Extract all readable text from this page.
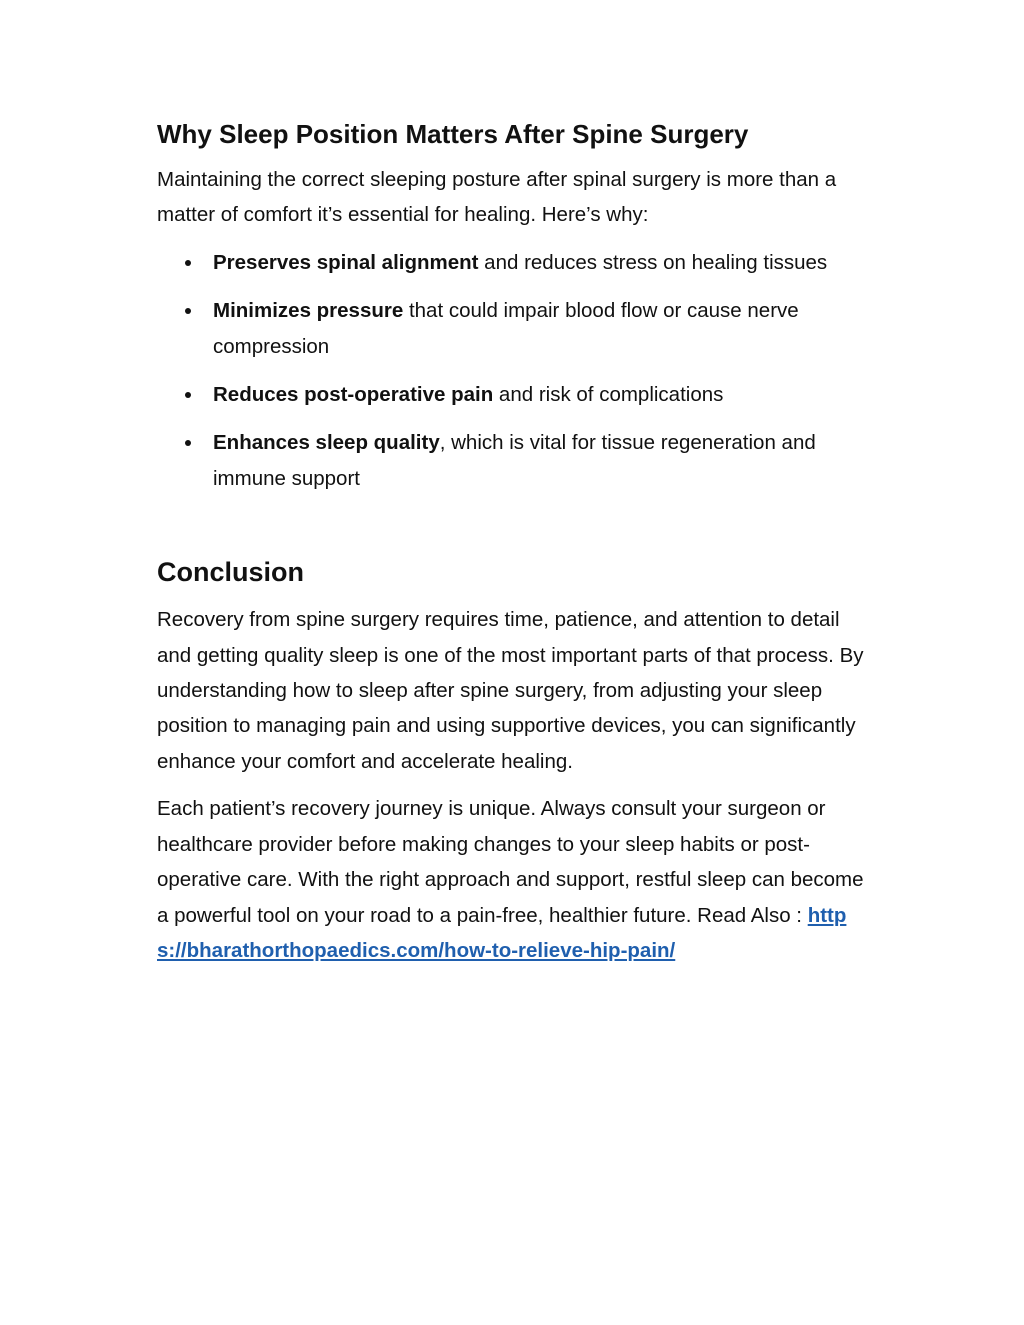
Why Sleep Position Matters After Spine Surgery

Maintaining the correct sleeping posture after spinal surgery is more than a matter of comfort it’s essential for healing. Here’s why:

Preserves spinal alignment and reduces stress on healing tissues
Minimizes pressure that could impair blood flow or cause nerve compression
Reduces post-operative pain and risk of complications
Enhances sleep quality, which is vital for tissue regeneration and immune support
Conclusion

Recovery from spine surgery requires time, patience, and attention to detail and getting quality sleep is one of the most important parts of that process. By understanding how to sleep after spine surgery, from adjusting your sleep position to managing pain and using supportive devices, you can significantly enhance your comfort and accelerate healing.

Each patient’s recovery journey is unique. Always consult your surgeon or healthcare provider before making changes to your sleep habits or post-operative care. With the right approach and support, restful sleep can become a powerful tool on your road to a pain-free, healthier future. Read Also : https://bharathorthopaedics.com/how-to-relieve-hip-pain/
